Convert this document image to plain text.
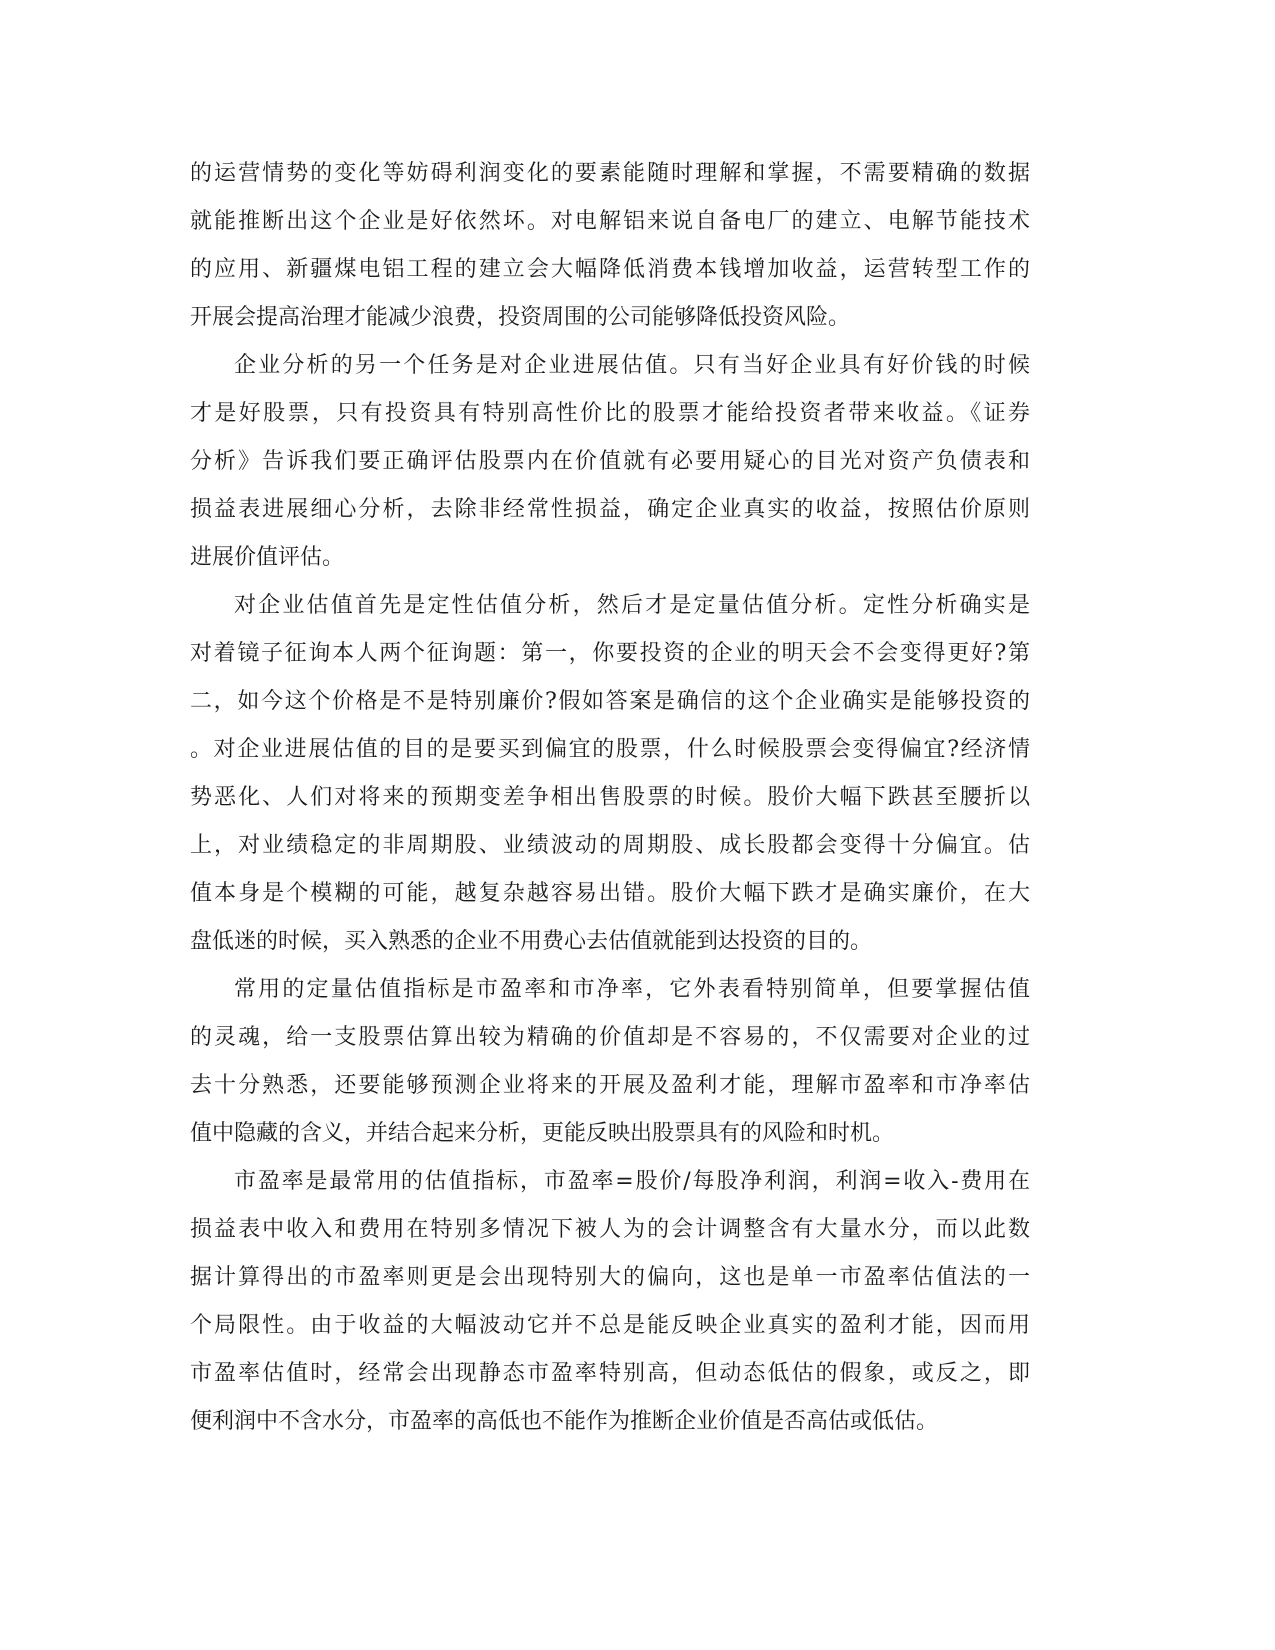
的运营情势的变化等妨碍利润变化的要素能随时理解和掌握，不需要精确的数据
就能推断出这个企业是好依然坏。对电解铝来说自备电厂的建立、电解节能技术
的应用、新疆煤电铝工程的建立会大幅降低消费本钱增加收益，运营转型工作的
开展会提高治理才能减少浪费，投资周围的公司能够降低投资风险。
企业分析的另一个任务是对企业进展估值。只有当好企业具有好价钱的时候
才是好股票，只有投资具有特别高性价比的股票才能给投资者带来收益。《证券
分析》告诉我们要正确评估股票内在价值就有必要用疑心的目光对资产负债表和
损益表进展细心分析，去除非经常性损益，确定企业真实的收益，按照估价原则
进展价值评估。
对企业估值首先是定性估值分析，然后才是定量估值分析。定性分析确实是
对着镜子征询本人两个征询题：第一，你要投资的企业的明天会不会变得更好?第
二，如今这个价格是不是特别廉价?假如答案是确信的这个企业确实是能够投资的
。对企业进展估值的目的是要买到偏宜的股票，什么时候股票会变得偏宜?经济情
势恶化、人们对将来的预期变差争相出售股票的时候。股价大幅下跌甚至腰折以
上，对业绩稳定的非周期股、业绩波动的周期股、成长股都会变得十分偏宜。估
值本身是个模糊的可能，越复杂越容易出错。股价大幅下跌才是确实廉价，在大
盘低迷的时候，买入熟悉的企业不用费心去估值就能到达投资的目的。
常用的定量估值指标是市盈率和市净率，它外表看特别简单，但要掌握估值
的灵魂，给一支股票估算出较为精确的价值却是不容易的，不仅需要对企业的过
去十分熟悉，还要能够预测企业将来的开展及盈利才能，理解市盈率和市净率估
值中隐藏的含义，并结合起来分析，更能反映出股票具有的风险和时机。
市盈率是最常用的估值指标，市盈率=股价/每股净利润，利润=收入-费用在
损益表中收入和费用在特别多情况下被人为的会计调整含有大量水分，而以此数
据计算得出的市盈率则更是会出现特别大的偏向，这也是单一市盈率估值法的一
个局限性。由于收益的大幅波动它并不总是能反映企业真实的盈利才能，因而用
市盈率估值时，经常会出现静态市盈率特别高，但动态低估的假象，或反之，即
便利润中不含水分，市盈率的高低也不能作为推断企业价值是否高估或低估。
